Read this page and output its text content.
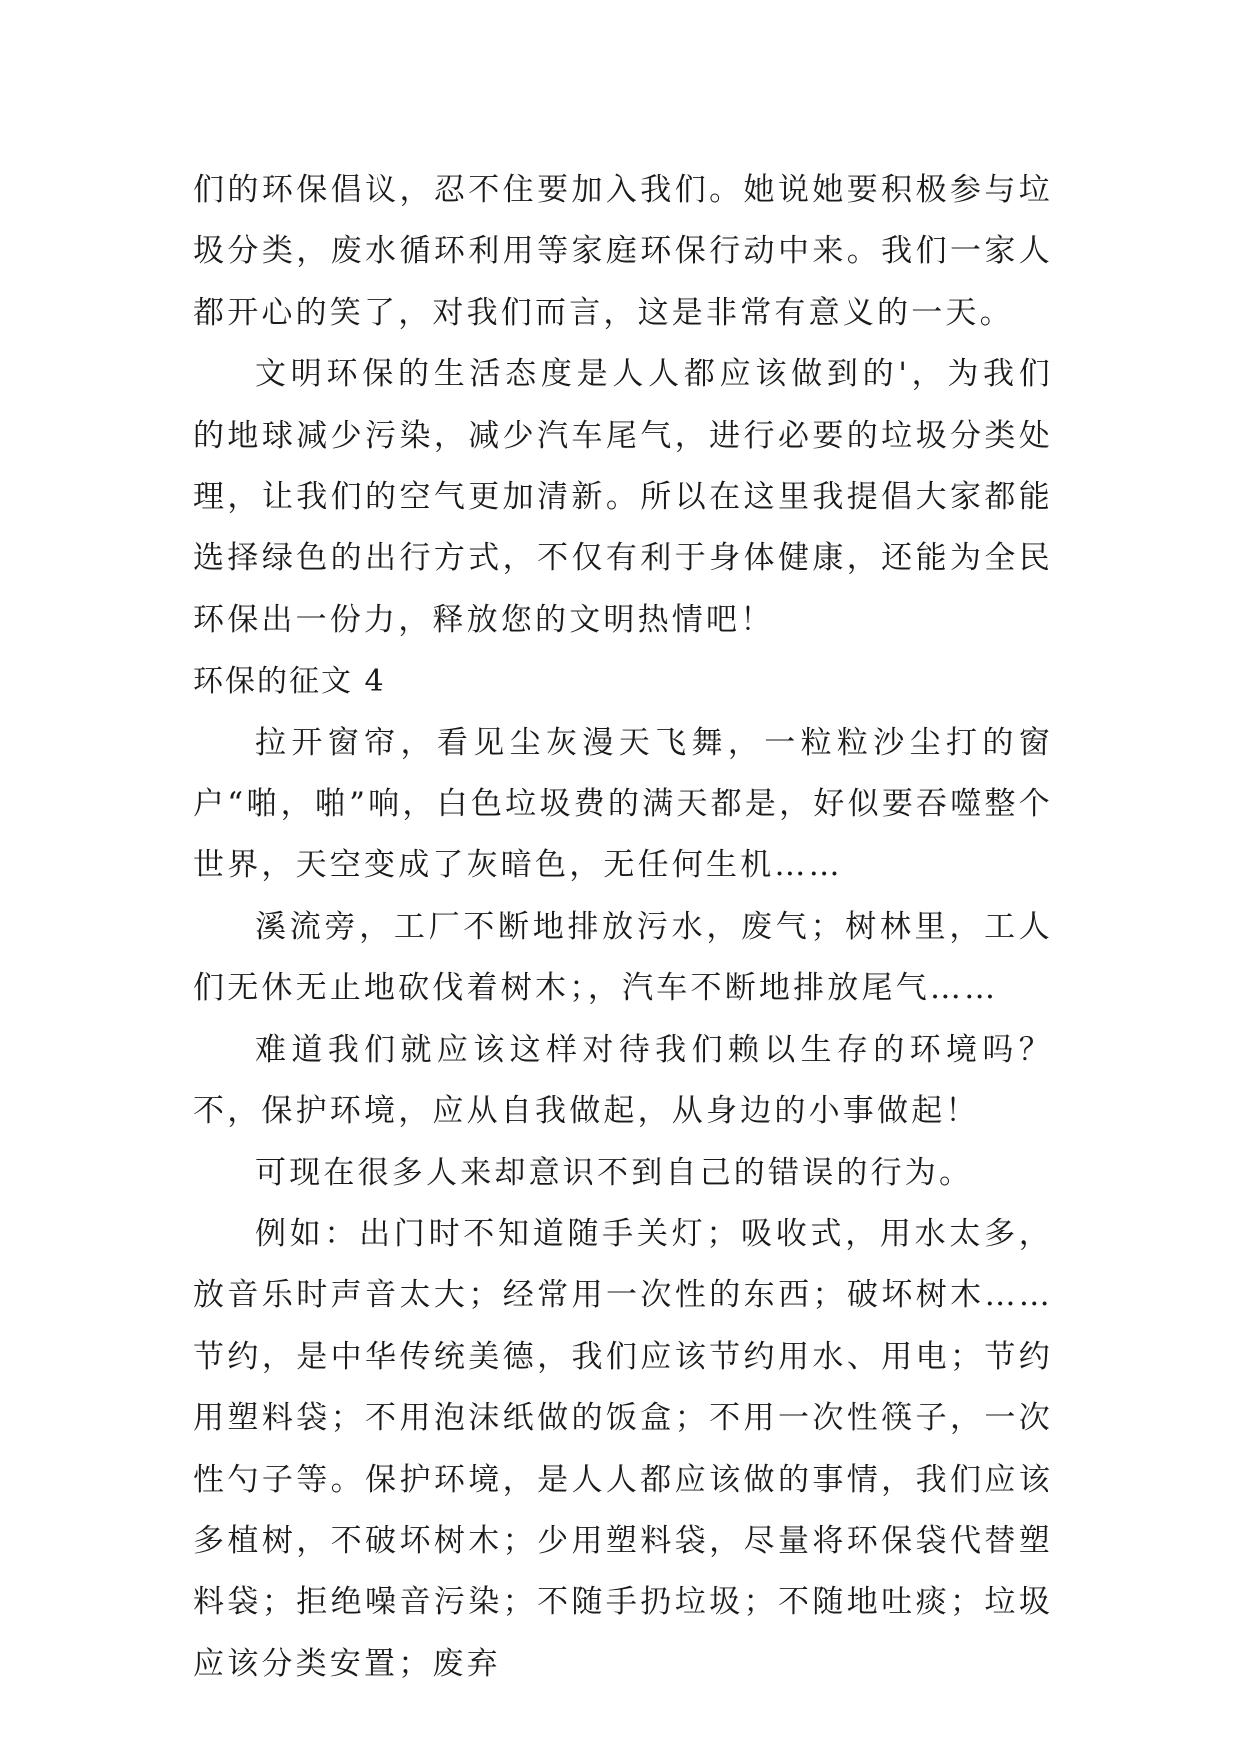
们的环保倡议，忍不住要加入我们。她说她要积极参与垃圾分类，废水循环利用等家庭环保行动中来。我们一家人都开心的笑了，对我们而言，这是非常有意义的一天。

文明环保的生活态度是人人都应该做到的'，为我们的地球减少污染，减少汽车尾气，进行必要的垃圾分类处理，让我们的空气更加清新。所以在这里我提倡大家都能选择绿色的出行方式，不仅有利于身体健康，还能为全民环保出一份力，释放您的文明热情吧！

环保的征文 4

拉开窗帘，看见尘灰漫天飞舞，一粒粒沙尘打的窗户“啪，啪”响，白色垃圾费的满天都是，好似要吞噬整个世界，天空变成了灰暗色，无任何生机……

溪流旁，工厂不断地排放污水，废气；树林里，工人们无休无止地砍伐着树木；，汽车不断地排放尾气……

难道我们就应该这样对待我们赖以生存的环境吗？不，保护环境，应从自我做起，从身边的小事做起！

可现在很多人来却意识不到自己的错误的行为。

例如：出门时不知道随手关灯；吸收式，用水太多，放音乐时声音太大；经常用一次性的东西；破坏树木……节约，是中华传统美德，我们应该节约用水、用电；节约用塑料袋；不用泡沫纸做的饭盒；不用一次性筷子，一次性勺子等。保护环境，是人人都应该做的事情，我们应该多植树，不破坏树木；少用塑料袋，尽量将环保袋代替塑料袋；拒绝噪音污染；不随手扔垃圾；不随地吐痰；垃圾应该分类安置；废弃
